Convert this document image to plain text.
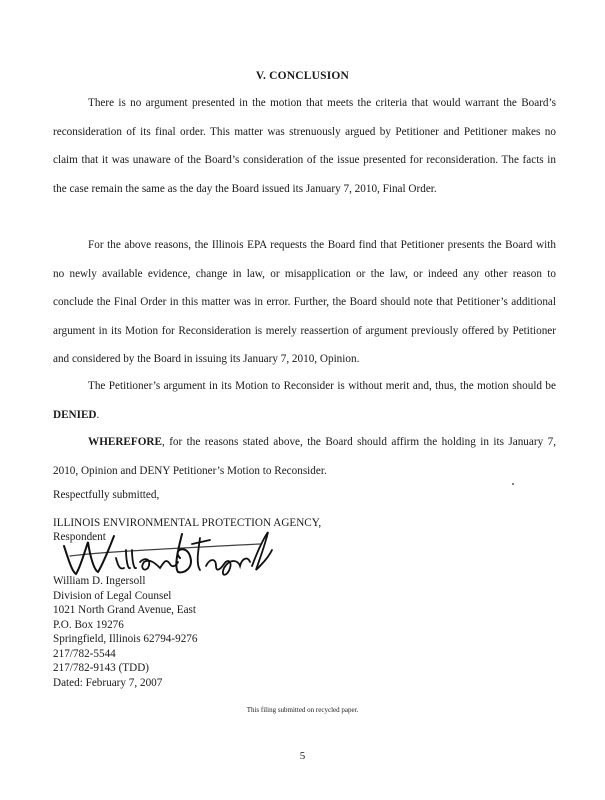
V. CONCLUSION

There is no argument presented in the motion that meets the criteria that would warrant the Board’s reconsideration of its final order. This matter was strenuously argued by Petitioner and Petitioner makes no claim that it was unaware of the Board’s consideration of the issue presented for reconsideration. The facts in the case remain the same as the day the Board issued its January 7, 2010, Final Order.

For the above reasons, the Illinois EPA requests the Board find that Petitioner presents the Board with no newly available evidence, change in law, or misapplication or the law, or indeed any other reason to conclude the Final Order in this matter was in error. Further, the Board should note that Petitioner’s additional argument in its Motion for Reconsideration is merely reassertion of argument previously offered by Petitioner and considered by the Board in issuing its January 7, 2010, Opinion.

The Petitioner’s argument in its Motion to Reconsider is without merit and, thus, the motion should be DENIED.

WHEREFORE, for the reasons stated above, the Board should affirm the holding in its January 7, 2010, Opinion and DENY Petitioner’s Motion to Reconsider.

Respectfully submitted,
ILLINOIS ENVIRONMENTAL PROTECTION AGENCY,
Respondent
William D. Ingersoll
Division of Legal Counsel
1021 North Grand Avenue, East
P.O. Box 19276
Springfield, Illinois 62794-9276
217/782-5544
217/782-9143 (TDD)
Dated: February 7, 2007
This filing submitted on recycled paper.
5
